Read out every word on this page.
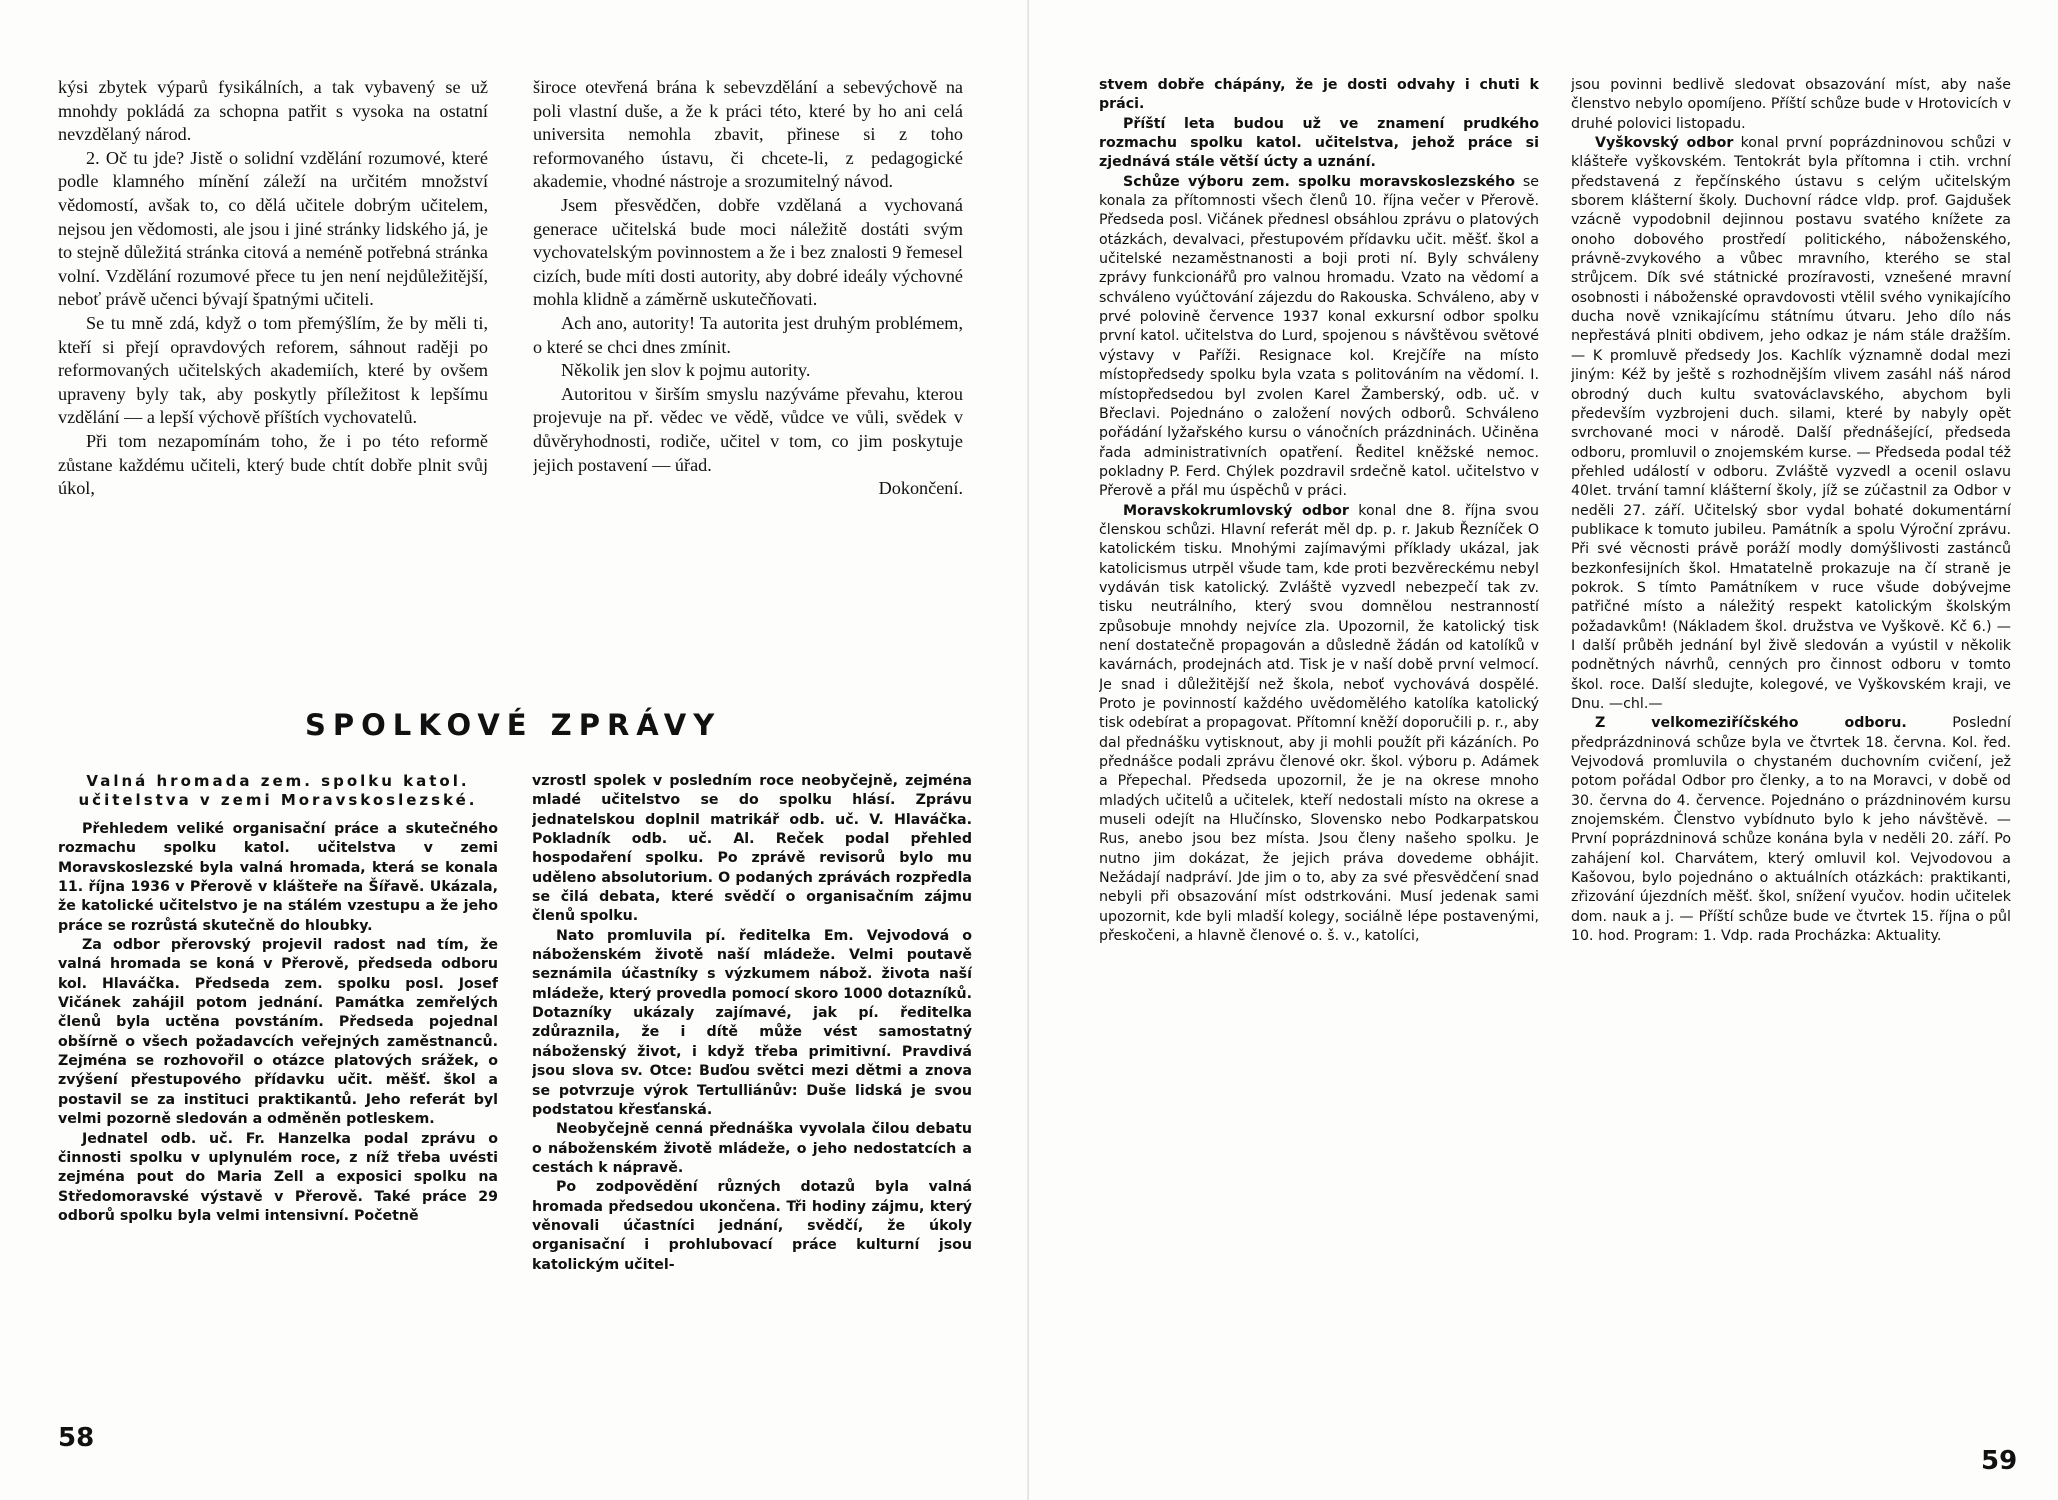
kýsi zbytek výparů fysikálních, a tak vybavený se už mnohdy pokládá za schopna patřit s vysoka na ostatní nevzdělaný národ.

2. Oč tu jde? Jistě o solidní vzdělání rozumové, které podle klamného mínění záleží na určitém množství vědomostí, avšak to, co dělá učitele dobrým učitelem, nejsou jen vědomosti, ale jsou i jiné stránky lidského já, je to stejně důležitá stránka citová a neméně potřebná stránka volní. Vzdělání rozumové přece tu jen není nejdůležitější, neboť právě učenci bývají špatnými učiteli.

Se tu mně zdá, když o tom přemýšlím, že by měli ti, kteří si přejí opravdových reforem, sáhnout raději po reformovaných učitelských akademiích, které by ovšem upraveny byly tak, aby poskytly příležitost k lepšímu vzdělání — a lepší výchově příštích vychovatelů.

Při tom nezapomínám toho, že i po této reformě zůstane každému učiteli, který bude chtít dobře plnit svůj úkol,

široce otevřená brána k sebevzdělání a sebevýchově na poli vlastní duše, a že k práci této, které by ho ani celá universita nemohla zbavit, přinese si z toho reformovaného ústavu, či chcete-li, z pedagogické akademie, vhodné nástroje a srozumitelný návod.

Jsem přesvědčen, dobře vzdělaná a vychovaná generace učitelská bude moci náležitě dostáti svým vychovatelským povinnostem a že i bez znalosti 9 řemesel cizích, bude míti dosti autority, aby dobré ideály výchovné mohla klidně a záměrně uskutečňovati.

Ach ano, autority! Ta autorita jest druhým problémem, o které se chci dnes zmínit.

Několik jen slov k pojmu autority.

Autoritou v širším smyslu nazýváme převahu, kterou projevuje na př. vědec ve vědě, vůdce ve vůli, svědek v důvěryhodnosti, rodiče, učitel v tom, co jim poskytuje jejich postavení — úřad.

Dokončení.

SPOLKOVÉ ZPRÁVY
Valná hromada zem. spolku katol. učitelstva v zemi Moravskoslezské.

Přehledem veliké organisační práce a skutečného rozmachu spolku katol. učitelstva v zemi Moravskoslezské byla valná hromada, která se konala 11. října 1936 v Přerově v klášteře na Šířavě. Ukázala, že katolické učitelstvo je na stálém vzestupu a že jeho práce se rozrůstá skutečně do hloubky.

Za odbor přerovský projevil radost nad tím, že valná hromada se koná v Přerově, předseda odboru kol. Hlaváčka. Předseda zem. spolku posl. Josef Vičánek zahájil potom jednání. Památka zemřelých členů byla uctěna povstáním. Předseda pojednal obšírně o všech požadavcích veřejných zaměstnanců. Zejména se rozhovořil o otázce platových srážek, o zvýšení přestupového přídavku učit. měšť. škol a postavil se za instituci praktikantů. Jeho referát byl velmi pozorně sledován a odměněn potleskem.

Jednatel odb. uč. Fr. Hanzelka podal zprávu o činnosti spolku v uplynulém roce, z níž třeba uvésti zejména pout do Maria Zell a exposici spolku na Středomoravské výstavě v Přerově. Také práce 29 odborů spolku byla velmi intensivní. Početně

vzrostl spolek v posledním roce neobyčejně, zejména mladé učitelstvo se do spolku hlásí. Zprávu jednatelskou doplnil matrikář odb. uč. V. Hlaváčka. Pokladník odb. uč. Al. Reček podal přehled hospodaření spolku. Po zprávě revisorů bylo mu uděleno absolutorium. O podaných zprávách rozpředla se čilá debata, které svědčí o organisačním zájmu členů spolku.

Nato promluvila pí. ředitelka Em. Vejvodová o náboženském životě naší mládeže. Velmi poutavě seznámila účastníky s výzkumem nábož. života naší mládeže, který provedla pomocí skoro 1000 dotazníků. Dotazníky ukázaly zajímavé, jak pí. ředitelka zdůraznila, že i dítě může vést samostatný náboženský život, i když třeba primitivní. Pravdivá jsou slova sv. Otce: Buďou světci mezi dětmi a znova se potvrzuje výrok Tertulliánův: Duše lidská je svou podstatou křesťanská.

Neobyčejně cenná přednáška vyvolala čilou debatu o náboženském životě mládeže, o jeho nedostatcích a cestách k nápravě.

Po zodpovědění různých dotazů byla valná hromada předsedou ukončena. Tři hodiny zájmu, který věnovali účastníci jednání, svědčí, že úkoly organisační i prohlubovací práce kulturní jsou katolickým učitel-

58

stvem dobře chápány, že je dosti odvahy i chuti k práci.

Příští leta budou už ve znamení prudkého rozmachu spolku katol. učitelstva, jehož práce si zjednává stále větší úcty a uznání.

Schůze výboru zem. spolku moravskoslezského se konala za přítomnosti všech členů 10. října večer v Přerově. Předseda posl. Vičánek přednesl obsáhlou zprávu o platových otázkách, devalvaci, přestupovém přídavku učit. měšť. škol a učitelské nezaměstnanosti a boji proti ní. Byly schváleny zprávy funkcionářů pro valnou hromadu. Vzato na vědomí a schváleno vyúčtování zájezdu do Rakouska. Schváleno, aby v prvé polovině července 1937 konal exkursní odbor spolku první katol. učitelstva do Lurd, spojenou s návštěvou světové výstavy v Paříži. Resignace kol. Krejčíře na místo místopředsedy spolku byla vzata s politováním na vědomí. I. místopředsedou byl zvolen Karel Žamberský, odb. uč. v Břeclavi. Pojednáno o založení nových odborů. Schváleno pořádání lyžařského kursu o vánočních prázdninách. Učiněna řada administrativních opatření. Ředitel kněžské nemoc. pokladny P. Ferd. Chýlek pozdravil srdečně katol. učitelstvo v Přerově a přál mu úspěchů v práci.

Moravskokrumlovský odbor konal dne 8. října svou členskou schůzi. Hlavní referát měl dp. p. r. Jakub Řezníček O katolickém tisku. Mnohými zajímavými příklady ukázal, jak katolicismus utrpěl všude tam, kde proti bezvěreckému nebyl vydáván tisk katolický. Zvláště vyzvedl nebezpečí tak zv. tisku neutrálního, který svou domnělou nestranností způsobuje mnohdy nejvíce zla. Upozornil, že katolický tisk není dostatečně propagován a důsledně žádán od katolíků v kavárnách, prodejnách atd. Tisk je v naší době první velmocí. Je snad i důležitější než škola, neboť vychovává dospělé. Proto je povinností každého uvědomělého katolíka katolický tisk odebírat a propagovat. Přítomní kněží doporučili p. r., aby dal přednášku vytisknout, aby ji mohli použít při kázáních. Po přednášce podali zprávu členové okr. škol. výboru p. Adámek a Přepechal. Předseda upozornil, že je na okrese mnoho mladých učitelů a učitelek, kteří nedostali místo na okrese a museli odejít na Hlučínsko, Slovensko nebo Podkarpatskou Rus, anebo jsou bez místa. Jsou členy našeho spolku. Je nutno jim dokázat, že jejich práva dovedeme obhájit. Nežádají nadpráví. Jde jim o to, aby za své přesvědčení snad nebyli při obsazování míst odstrkováni. Musí jedenak sami upozornit, kde byli mladší kolegy, sociálně lépe postavenými, přeskočeni, a hlavně členové o. š. v., katolíci,

jsou povinni bedlivě sledovat obsazování míst, aby naše členstvo nebylo opomíjeno. Příští schůze bude v Hrotovicích v druhé polovici listopadu.

Vyškovský odbor konal první poprázdninovou schůzi v klášteře vyškovském. Tentokrát byla přítomna i ctih. vrchní představená z řepčínského ústavu s celým učitelským sborem klášterní školy. Duchovní rádce vldp. prof. Gajdušek vzácně vypodobnil dejinnou postavu svatého knížete za onoho dobového prostředí politického, náboženského, právně-zvykového a vůbec mravního, kterého se stal strůjcem. Dík své státnické prozíravosti, vznešené mravní osobnosti i náboženské opravdovosti vtělil svého vynikajícího ducha nově vznikajícímu státnímu útvaru. Jeho dílo nás nepřestává plniti obdivem, jeho odkaz je nám stále dražším. — K promluvě předsedy Jos. Kachlík významně dodal mezi jiným: Kéž by ještě s rozhodnějším vlivem zasáhl náš národ obrodný duch kultu svatováclavského, abychom byli především vyzbrojeni duch. silami, které by nabyly opět svrchované moci v národě. Další přednášející, předseda odboru, promluvil o znojemském kurse. — Předseda podal též přehled událostí v odboru. Zvláště vyzvedl a ocenil oslavu 40let. trvání tamní klášterní školy, jíž se zúčastnil za Odbor v neděli 27. září. Učitelský sbor vydal bohaté dokumentární publikace k tomuto jubileu. Památník a spolu Výroční zprávu. Při své věcnosti právě poráží modly domýšlivosti zastánců bezkonfesijních škol. Hmatatelně prokazuje na čí straně je pokrok. S tímto Památníkem v ruce všude dobývejme patřičné místo a náležitý respekt katolickým školským požadavkům! (Nákladem škol. družstva ve Vyškově. Kč 6.) — I další průběh jednání byl živě sledován a vyústil v několik podnětných návrhů, cenných pro činnost odboru v tomto škol. roce. Další sledujte, kolegové, ve Vyškovském kraji, ve Dnu. —chl.—

Z velkomeziříčského odboru. Poslední předprázdninová schůze byla ve čtvrtek 18. června. Kol. řed. Vejvodová promluvila o chystaném duchovním cvičení, jež potom pořádal Odbor pro členky, a to na Moravci, v době od 30. června do 4. července. Pojednáno o prázdninovém kursu znojemském. Členstvo vybídnuto bylo k jeho návštěvě. — První poprázdninová schůze konána byla v neděli 20. září. Po zahájení kol. Charvátem, který omluvil kol. Vejvodovou a Kašovou, bylo pojednáno o aktuálních otázkách: praktikanti, zřizování újezdních měšť. škol, snížení vyučov. hodin učitelek dom. nauk a j. — Příští schůze bude ve čtvrtek 15. října o půl 10. hod. Program: 1. Vdp. rada Procházka: Aktuality.

59
